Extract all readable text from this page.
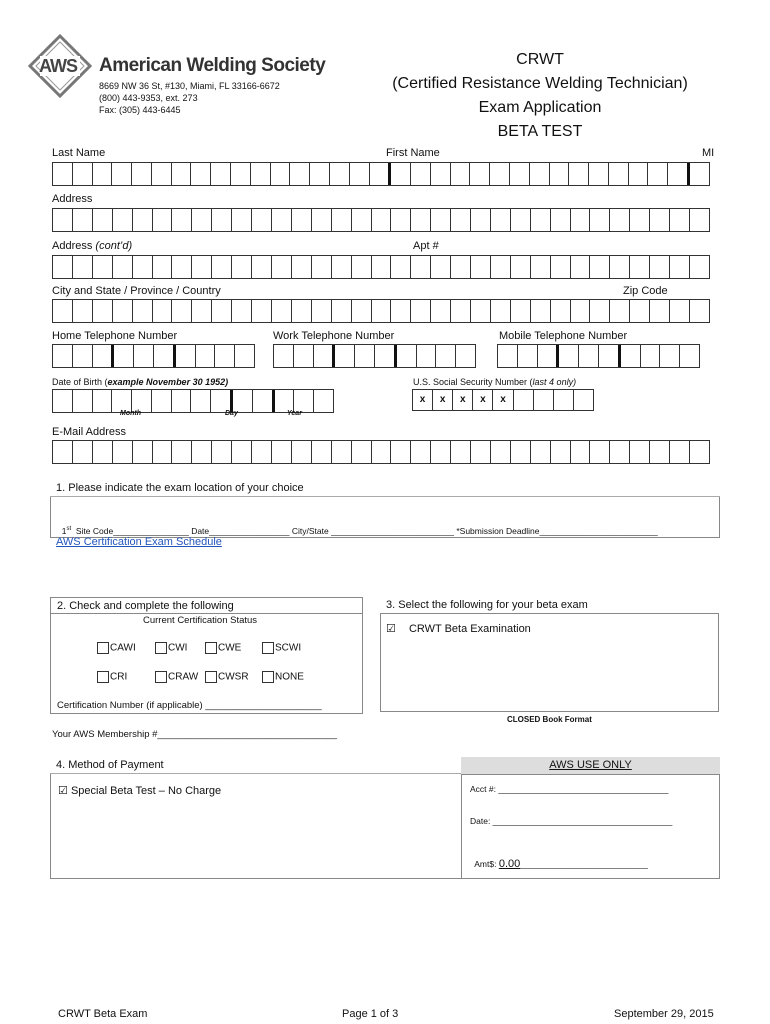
AWS American Welding Society
8669 NW 36 St, #130, Miami, FL 33166-6672
(800) 443-9353, ext. 273
Fax: (305) 443-6445
CRWT
(Certified Resistance Welding Technician)
Exam Application
BETA TEST
Last Name	First Name	MI
Address
Address (cont’d)	Apt #
City and State / Province / Country	Zip Code
Home Telephone Number	Work Telephone Number	Mobile Telephone Number
Date of Birth (example November 30 1952)	U.S. Social Security Number (last 4 only)
Month	Day	Year
x	x	x	x	x
E-Mail Address
1. Please indicate the exam location of your choice

1st  Site Code________________ Date_________________ City/State __________________________ *Submission Deadline_________________________

AWS Certification Exam Schedule
2. Check and complete the following
Current Certification Status
CAWI	CWI	CWE	SCWI
CRI	CRAW	CWSR	NONE
Certification Number (if applicable) ______________________
Your AWS Membership #__________________________________
3. Select the following for your beta exam
☑ CRWT Beta Examination
CLOSED Book Format
4. Method of Payment	AWS USE ONLY
☑ Special Beta Test – No Charge	Acct #: ____________________________________
Date: ______________________________________

Amt$: 0.00___________________________

CRWT Beta Exam	Page 1 of 3	September 29, 2015
